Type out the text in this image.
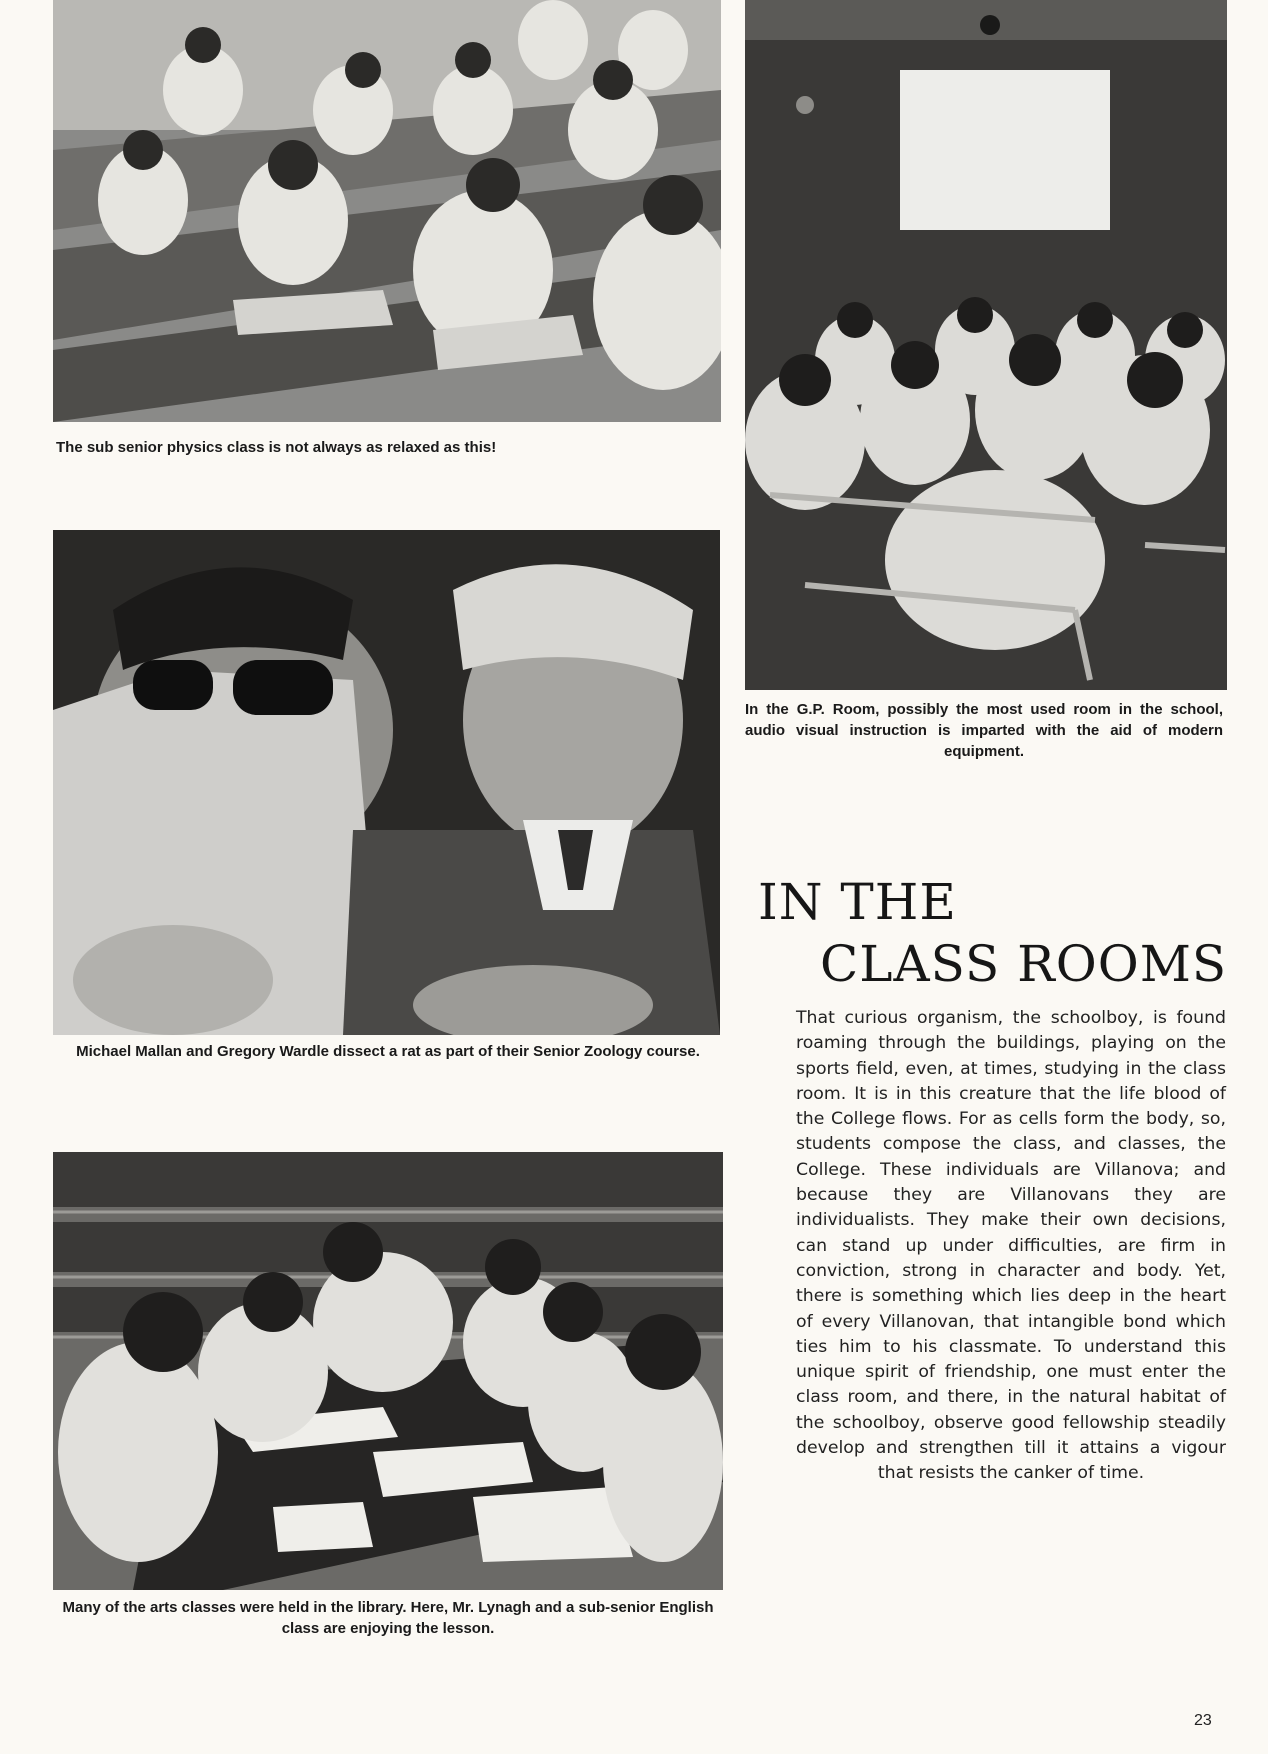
The sub senior physics class is not always as relaxed as this!

In the G.P. Room, possibly the most used room in the school, audio visual instruction is imparted with the aid of modern equipment.

Michael Mallan and Gregory Wardle dissect a rat as part of their Senior Zoology course.

Many of the arts classes were held in the library. Here, Mr. Lynagh and a sub-senior English class are enjoying the lesson.

IN THE
CLASS ROOMS

That curious organism, the schoolboy, is found roaming through the buildings, playing on the sports field, even, at times, studying in the class room. It is in this creature that the life blood of the College flows. For as cells form the body, so, students compose the class, and classes, the College. These individuals are Villanova; and because they are Villanovans they are individualists. They make their own decisions, can stand up under difficulties, are firm in conviction, strong in character and body. Yet, there is something which lies deep in the heart of every Villanovan, that intangible bond which ties him to his classmate. To understand this unique spirit of friendship, one must enter the class room, and there, in the natural habitat of the schoolboy, observe good fellowship steadily develop and strengthen till it attains a vigour that resists the canker of time.

23
